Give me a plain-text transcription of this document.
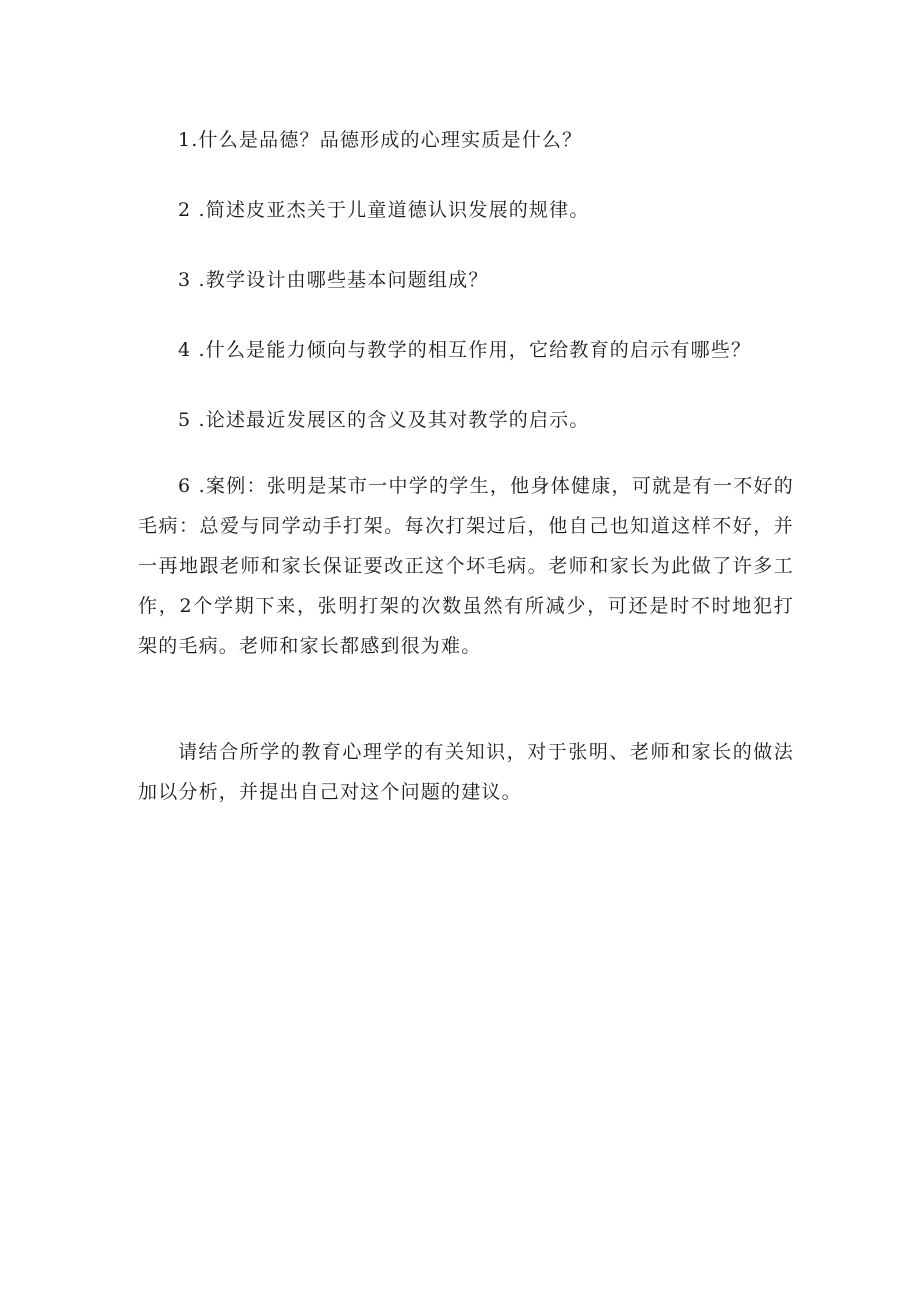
1.什么是品德？品德形成的心理实质是什么？

2 .简述皮亚杰关于儿童道德认识发展的规律。

3 .教学设计由哪些基本问题组成？

4 .什么是能力倾向与教学的相互作用，它给教育的启示有哪些？

5 .论述最近发展区的含义及其对教学的启示。

6 .案例：张明是某市一中学的学生，他身体健康，可就是有一不好的毛病：总爱与同学动手打架。每次打架过后，他自己也知道这样不好，并一再地跟老师和家长保证要改正这个坏毛病。老师和家长为此做了许多工作，2个学期下来，张明打架的次数虽然有所减少，可还是时不时地犯打架的毛病。老师和家长都感到很为难。

请结合所学的教育心理学的有关知识，对于张明、老师和家长的做法加以分析，并提出自己对这个问题的建议。
